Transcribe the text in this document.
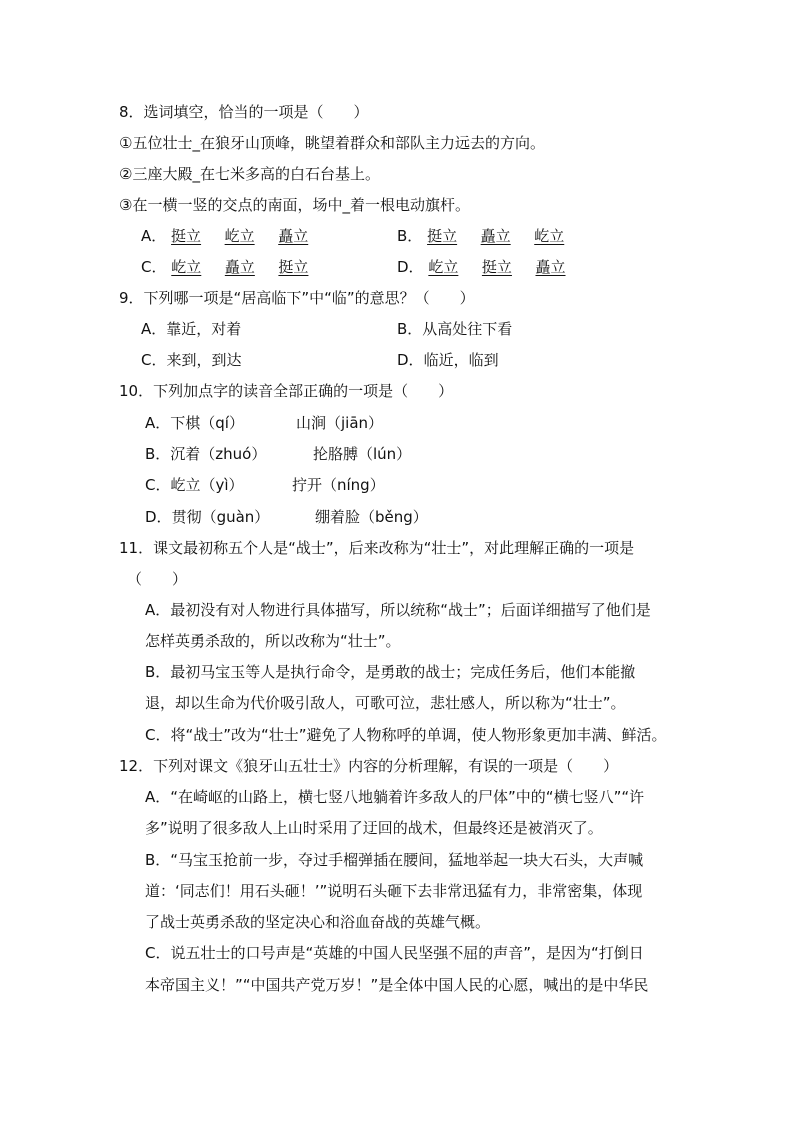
8．选词填空，恰当的一项是（　　）
①五位壮士_在狼牙山顶峰，眺望着群众和部队主力远去的方向。
②三座大殿_在七米多高的白石台基上。
③在一横一竖的交点的南面，场中_着一根电动旗杆。
A． 挺立 屹立 矗立	B． 挺立 矗立 屹立
C． 屹立 矗立 挺立	D． 屹立 挺立 矗立
9．下列哪一项是“居高临下”中“临”的意思？（　　）
A．靠近，对着	B．从高处往下看
C．来到，到达	D．临近，临到
10．下列加点字的读音全部正确的一项是（　　）
A．下棋（qí）	山涧（jiān）
B．沉着（zhuó）	抡胳膊（lún）
C．屹立（yì）	拧开（níng）
D．贯彻（guàn）	绷着脸（běng）
11．课文最初称五个人是“战士”，后来改称为“壮士”，对此理解正确的一项是
（　　）
A．最初没有对人物进行具体描写，所以统称“战士”；后面详细描写了他们是
怎样英勇杀敌的，所以改称为“壮士”。
B．最初马宝玉等人是执行命令，是勇敢的战士；完成任务后，他们本能撤
退，却以生命为代价吸引敌人，可歌可泣，悲壮感人，所以称为“壮士”。
C．将“战士”改为“壮士”避免了人物称呼的单调，使人物形象更加丰满、鲜活。
12．下列对课文《狼牙山五壮士》内容的分析理解，有误的一项是（　　）
A．“在崎岖的山路上，横七竖八地躺着许多敌人的尸体”中的“横七竖八”“许
多”说明了很多敌人上山时采用了迂回的战术，但最终还是被消灭了。
B．“马宝玉抢前一步，夺过手榴弹插在腰间，猛地举起一块大石头，大声喊
道：‘同志们！用石头砸！’”说明石头砸下去非常迅猛有力，非常密集，体现
了战士英勇杀敌的坚定决心和浴血奋战的英雄气概。
C．说五壮士的口号声是“英雄的中国人民坚强不屈的声音”，是因为“打倒日
本帝国主义！”“中国共产党万岁！”是全体中国人民的心愿，喊出的是中华民
